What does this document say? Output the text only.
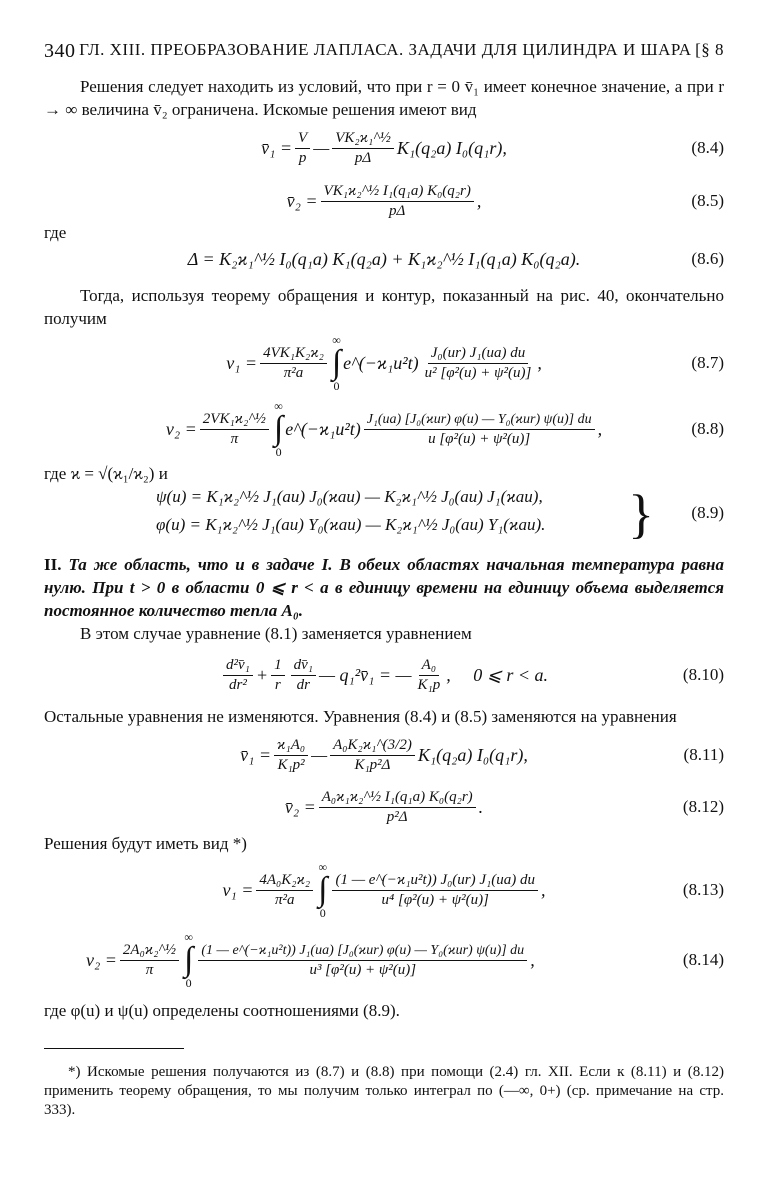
340 ГЛ. XIII. ПРЕОБРАЗОВАНИЕ ЛАПЛАСА. ЗАДАЧИ ДЛЯ ЦИЛИНДРА И ШАРА [§ 8

Решения следует находить из условий, что при r = 0 v̄₁ имеет конечное значение, а при r → ∞ величина v̄₂ ограничена. Искомые решения имеют вид

v̄₁ = $\frac{V}{p}$ — $\frac{\text{VK₂ϰ₁\textasciicircum{}½}}{p\Delta} K_1(q_2a)$ I₀(q₁r),	(8.4)
v̄₂ = $\frac{\text{VK₁ϰ₂\textasciicircum{}½ I₁(q₁a) K₀(q₂r)}}{p\Delta}$ ,	(8.5)

где

Δ = K₂ϰ₁^½ I₀(q₁a) K₁(q₂a) + K₁ϰ₂^½ I₁(q₁a) K₀(q₂a).	(8.6)

Тогда, используя теорему обращения и контур, показанный на рис. 40, окончательно получим

$v_1 = \frac{\text{4VK₁K₂ϰ₂}}{\text{π²a}}$
∞
∫
0
e^(−ϰ₁u²t) $\frac{\text{J₀(ur) J₁(ua) du}}{\text{u² [φ²(u) + ψ²(u)]}}$ ,	(8.7)
$v_2 = \frac{\text{2VK₁ϰ₂\textasciicircum{}½}}{\pi}$
∞
∫
0
e^(−ϰ₁u²t) $\frac{\text{J₁(ua) [J₀(ϰur) φ(u) — Y₀(ϰur) ψ(u)] du}}{\text{u [φ²(u) + ψ²(u)]}}$ ,	(8.8)

где ϰ = √(ϰ₁/ϰ₂) и

ψ(u) = K₁ϰ₂^½ J₁(au) J₀(ϰau) — K₂ϰ₁^½ J₀(au) J₁(ϰau),
φ(u) = K₁ϰ₂^½ J₁(au) Y₀(ϰau) — K₂ϰ₁^½ J₀(au) Y₁(ϰau). } (8.9)

II. Та же область, что и в задаче I. В обеих областях начальная температура равна нулю. При t > 0 в области 0 ⩽ r < a в единицу времени на единицу объема выделяется постоянное количество тепла A₀.

В этом случае уравнение (8.1) заменяется уравнением

$\frac{\text{d²v̄₁}}{\text{dr²}} + \frac{1}{r} \frac{\text{dv̄₁}}{dr}$ — q₁²v̄₁ = — $\frac{\text{A₀}}{\text{K₁p}}$ ,     0 ⩽ r < a.	(8.10)

Остальные уравнения не изменяются. Уравнения (8.4) и (8.5) заменяются на уравнения

v̄₁ = $\frac{\text{ϰ₁A₀}}{\text{K₁p²}}$ — $\frac{\text{A₀K₂ϰ₁\textasciicircum{}(3/2)}}{\text{K₁p²Δ}} K_1(q_2a)$ I₀(q₁r),	(8.11)
v̄₂ = $\frac{\text{A₀ϰ₁ϰ₂\textasciicircum{}½ I₁(q₁a) K₀(q₂r)}}{\text{p²Δ}}$ .	(8.12)

Решения будут иметь вид *)

$v_1 = \frac{\text{4A₀K₂ϰ₂}}{\text{π²a}}$
∞
∫
0
$\frac{\text{(1 — e\textasciicircum{}(−ϰ₁u²t)) J₀(ur) J₁(ua) du}}{\text{u⁴ [φ²(u) + ψ²(u)]}}$ ,	(8.13)
$v_2 = \frac{\text{2A₀ϰ₂\textasciicircum{}½}}{\pi}$
∞
∫
0
$\frac{\text{(1 — e\textasciicircum{}(−ϰ₁u²t)) J₁(ua) [J₀(ϰur) φ(u) — Y₀(ϰur) ψ(u)] du}}{\text{u³ [φ²(u) + ψ²(u)]}}$ ,	(8.14)

где φ(u) и ψ(u) определены соотношениями (8.9).

*) Искомые решения получаются из (8.7) и (8.8) при помощи (2.4) гл. XII. Если к (8.11) и (8.12) применить теорему обращения, то мы получим только интеграл по (—∞, 0+) (ср. примечание на стр. 333).
